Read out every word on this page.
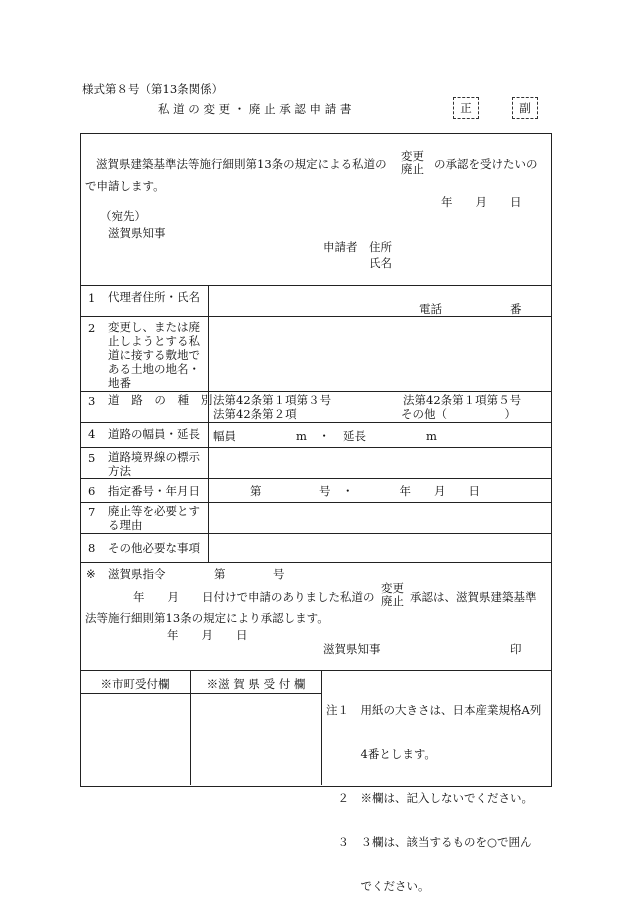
様式第８号（第13条関係）
私 道 の 変 更 ・ 廃 止 承 認 申 請 書	正	副
滋賀県建築基準法等施行細則第13条の規定による私道の
変更
廃止 の承認を受けたいの
で申請します。
年　　月　　日
（宛先）
滋賀県知事
申請者 住所
氏名
1 代理者住所・氏名
電話	番
2 変更し、または廃止しようとする私道に接する敷地である土地の地名・地番
3 道 路 の 種 別
法第42条第１項第３号	法第42条第１項第５号
法第42条第２項	その他（　　　　　）
4 道路の幅員・延長 幅員	m　・ 延長	m
5 道路境界線の標示方法
6 指定番号・年月日	第　　　　　号　・　　　　年　　月　　日
7 廃止等を必要とする理由
8 その他必要な事項
※ 滋賀県指令	第	号
年　　月　　日付けで申請のありました私道の
変更
廃止 承認は、滋賀県建築基準
法等施行細則第13条の規定により承認します。
年　　月　　日
滋賀県知事	印
※市町受付欄	※滋 賀 県 受 付 欄

注１　用紙の大きさは、日本産業規格A列

　　　4番とします。

　２　※欄は、記入しないでください。

　３　３欄は、該当するものを○で囲ん

　　　でください。
